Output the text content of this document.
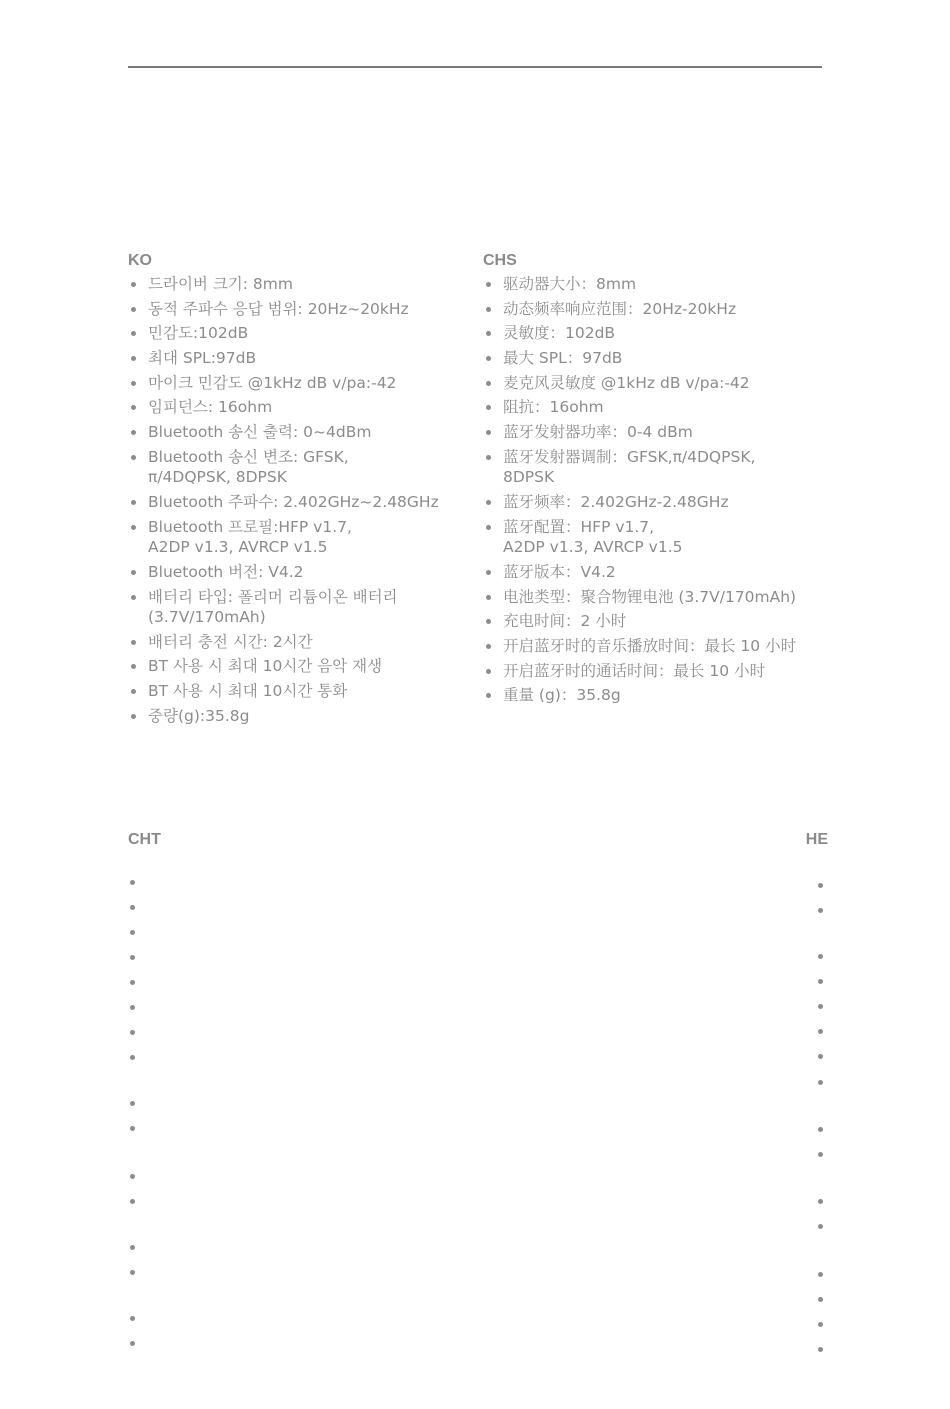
KO
드라이버 크기: 8mm
동적 주파수 응답 범위: 20Hz~20kHz
민감도:102dB
최대 SPL:97dB
마이크 민감도 @1kHz dB v/pa:-42
임피던스: 16ohm
Bluetooth 송신 출력: 0~4dBm
Bluetooth 송신 변조: GFSK,
π/4DQPSK, 8DPSK
Bluetooth 주파수: 2.402GHz~2.48GHz
Bluetooth 프로필:HFP v1.7,
A2DP v1.3, AVRCP v1.5
Bluetooth 버전: V4.2
배터리 타입: 폴리머 리튬이온 배터리
(3.7V/170mAh)
배터리 충전 시간: 2시간
BT 사용 시 최대 10시간 음악 재생
BT 사용 시 최대 10시간 통화
중량(g):35.8g
CHS
驱动器大小：8mm
动态频率响应范围：20Hz-20kHz
灵敏度：102dB
最大 SPL：97dB
麦克风灵敏度 @1kHz dB v/pa:-42
阻抗：16ohm
蓝牙发射器功率：0-4 dBm
蓝牙发射器调制：GFSK,π/4DQPSK,
8DPSK
蓝牙频率：2.402GHz-2.48GHz
蓝牙配置：HFP v1.7,
A2DP v1.3, AVRCP v1.5
蓝牙版本：V4.2
电池类型：聚合物锂电池 (3.7V/170mAh)
充电时间：2 小时
开启蓝牙时的音乐播放时间：最长 10 小时
开启蓝牙时的通话时间：最长 10 小时
重量 (g)：35.8g
CHT	HE
